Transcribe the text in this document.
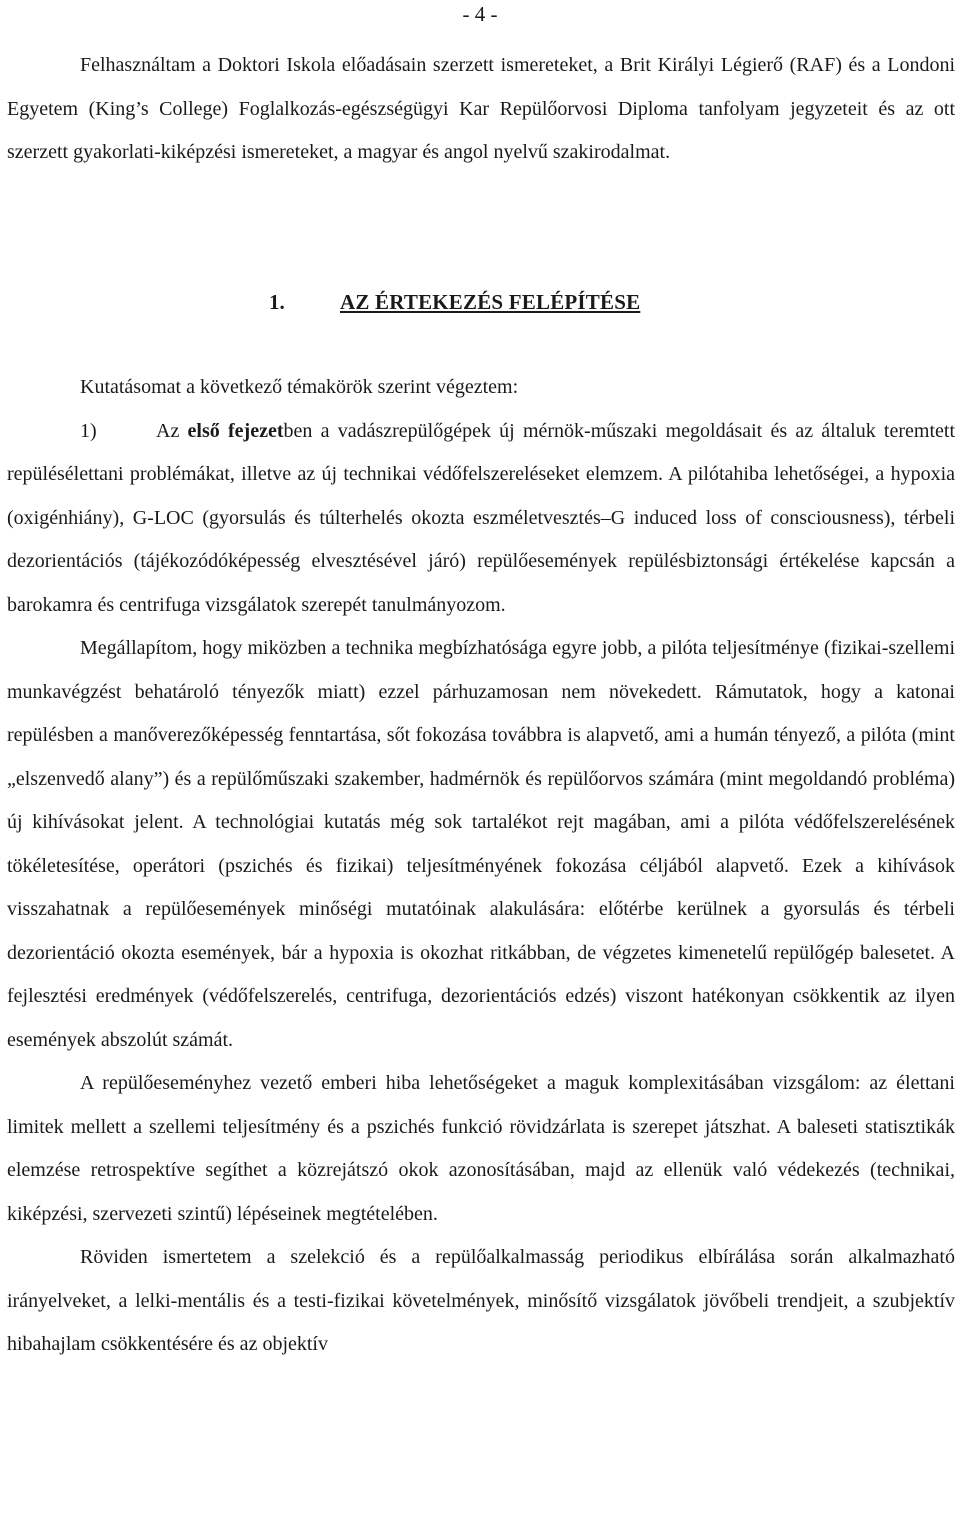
- 4 -

Felhasználtam a Doktori Iskola előadásain szerzett ismereteket, a Brit Királyi Légierő (RAF) és a Londoni Egyetem (King’s College) Foglalkozás-egészségügyi Kar Repülőorvosi Diploma tanfolyam jegyzeteit és az ott szerzett gyakorlati-kiképzési ismereteket, a magyar és angol nyelvű szakirodalmat.

1.	AZ ÉRTEKEZÉS FELÉPÍTÉSE

Kutatásomat a következő témakörök szerint végeztem:

1)	Az első fejezetben a vadászrepülőgépek új mérnök-műszaki megoldásait és az általuk teremtett repülésélettani problémákat, illetve az új technikai védőfelszereléseket elemzem. A pilótahiba lehetőségei, a hypoxia (oxigénhiány), G-LOC (gyorsulás és túlterhelés okozta eszméletvesztés–G induced loss of consciousness), térbeli dezorientációs (tájékozódóképesség elvesztésével járó) repülőesemények repülésbiztonsági értékelése kapcsán a barokamra és centrifuga vizsgálatok szerepét tanulmányozom.

Megállapítom, hogy miközben a technika megbízhatósága egyre jobb, a pilóta teljesítménye (fizikai-szellemi munkavégzést behatároló tényezők miatt) ezzel párhuzamosan nem növekedett. Rámutatok, hogy a katonai repülésben a manőverezőképesség fenntartása, sőt fokozása továbbra is alapvető, ami a humán tényező, a pilóta (mint „elszenvedő alany”) és a repülőműszaki szakember, hadmérnök és repülőorvos számára (mint megoldandó probléma) új kihívásokat jelent. A technológiai kutatás még sok tartalékot rejt magában, ami a pilóta védőfelszerelésének tökéletesítése, operátori (pszichés és fizikai) teljesítményének fokozása céljából alapvető. Ezek a kihívások visszahatnak a repülőesemények minőségi mutatóinak alakulására: előtérbe kerülnek a gyorsulás és térbeli dezorientáció okozta események, bár a hypoxia is okozhat ritkábban, de végzetes kimenetelű repülőgép balesetet. A fejlesztési eredmények (védőfelszerelés, centrifuga, dezorientációs edzés) viszont hatékonyan csökkentik az ilyen események abszolút számát.

A repülőeseményhez vezető emberi hiba lehetőségeket a maguk komplexitásában vizsgálom: az élettani limitek mellett a szellemi teljesítmény és a pszichés funkció rövidzárlata is szerepet játszhat. A baleseti statisztikák elemzése retrospektíve segíthet a közrejátszó okok azonosításában, majd az ellenük való védekezés (technikai, kiképzési, szervezeti szintű) lépéseinek megtételében.

Röviden ismertetem a szelekció és a repülőalkalmasság periodikus elbírálása során alkalmazható irányelveket, a lelki-mentális és a testi-fizikai követelmények, minősítő vizsgálatok jövőbeli trendjeit, a szubjektív hibahajlam csökkentésére és az objektív
